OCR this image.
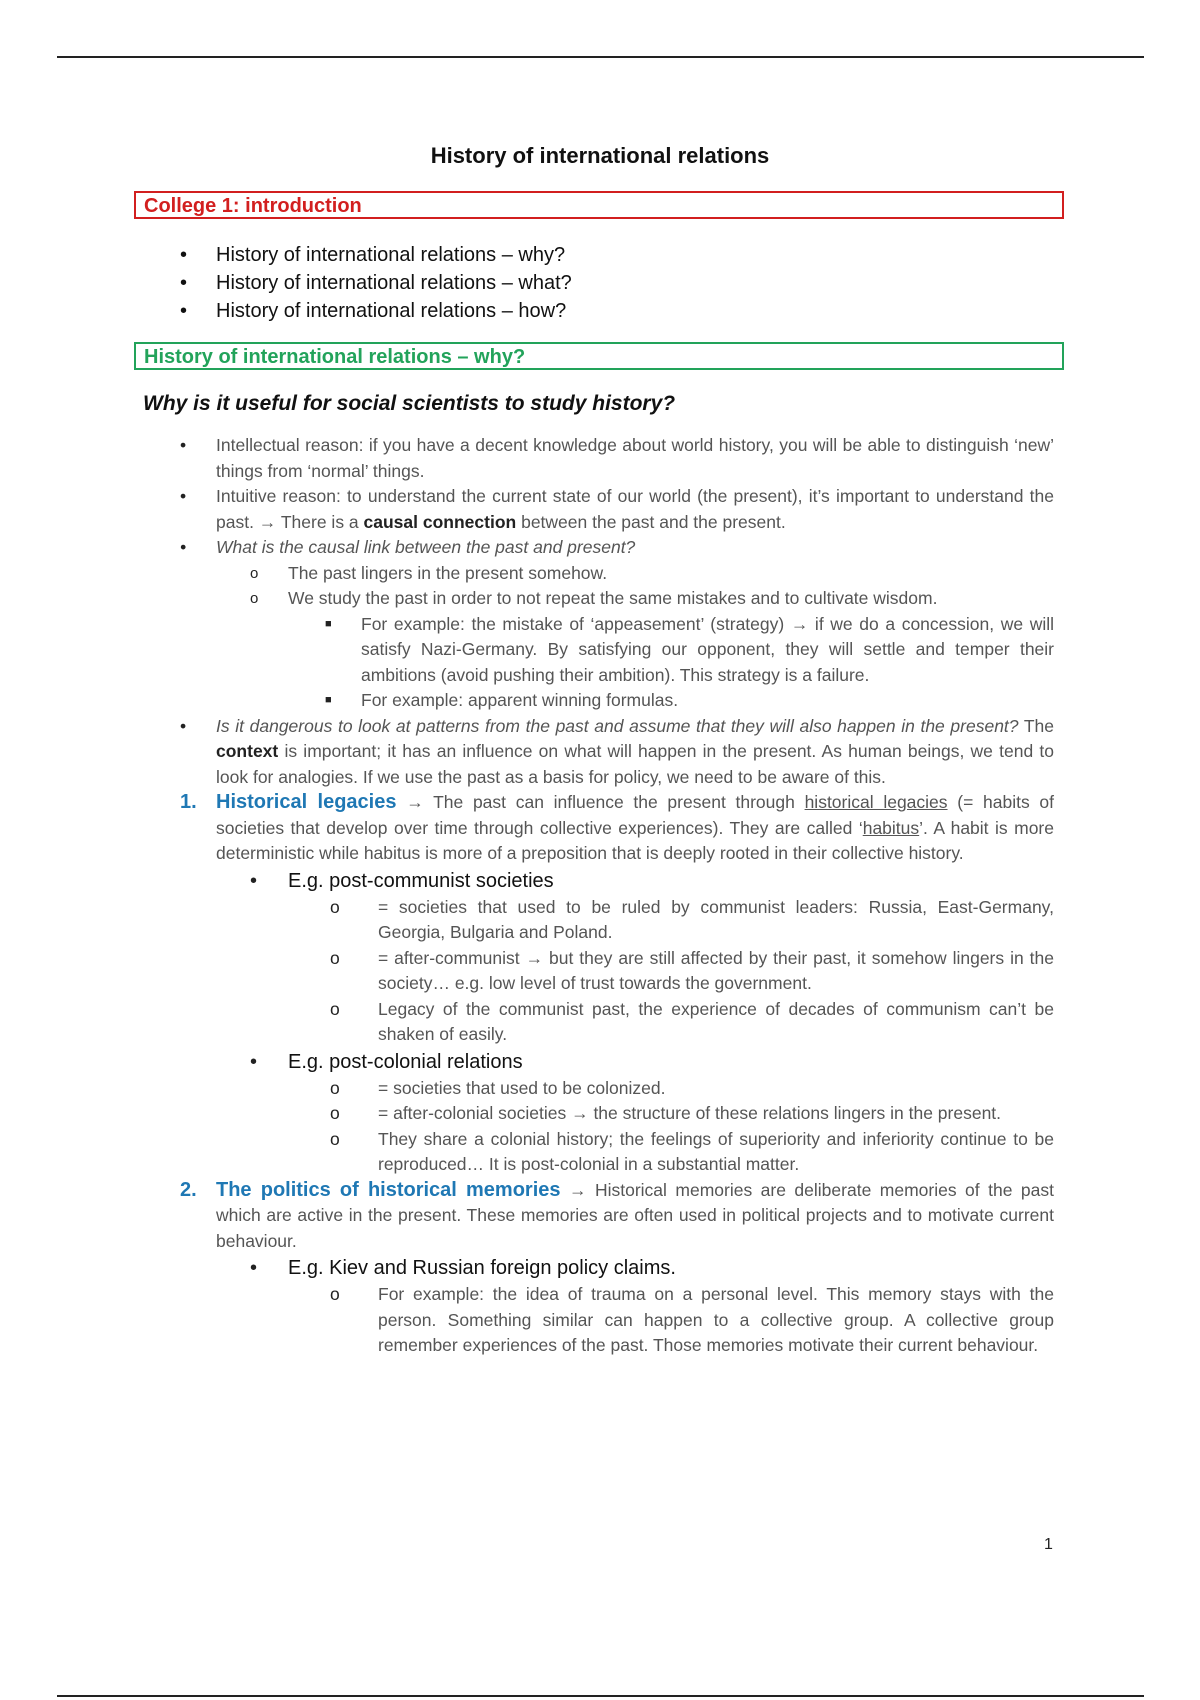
History of international relations
College 1: introduction
• History of international relations – why?
• History of international relations – what?
• History of international relations – how?
History of international relations – why?
Why is it useful for social scientists to study history?
• Intellectual reason: if you have a decent knowledge about world history, you will be able to distinguish ‘new’ things from ‘normal’ things.
• Intuitive reason: to understand the current state of our world (the present), it’s important to understand the past. → There is a causal connection between the past and the present.
• What is the causal link between the past and present?
o The past lingers in the present somehow.
o We study the past in order to not repeat the same mistakes and to cultivate wisdom.
■ For example: the mistake of ‘appeasement’ (strategy) → if we do a concession, we will satisfy Nazi-Germany. By satisfying our opponent, they will settle and temper their ambitions (avoid pushing their ambition). This strategy is a failure.
■ For example: apparent winning formulas.
• Is it dangerous to look at patterns from the past and assume that they will also happen in the present? The context is important; it has an influence on what will happen in the present. As human beings, we tend to look for analogies. If we use the past as a basis for policy, we need to be aware of this.
1. Historical legacies → The past can influence the present through historical legacies (= habits of societies that develop over time through collective experiences). They are called ‘habitus’. A habit is more deterministic while habitus is more of a preposition that is deeply rooted in their collective history.
• E.g. post-communist societies
o = societies that used to be ruled by communist leaders: Russia, East-Germany, Georgia, Bulgaria and Poland.
o = after-communist → but they are still affected by their past, it somehow lingers in the society… e.g. low level of trust towards the government.
o Legacy of the communist past, the experience of decades of communism can’t be shaken of easily.
• E.g. post-colonial relations
o = societies that used to be colonized.
o = after-colonial societies → the structure of these relations lingers in the present.
o They share a colonial history; the feelings of superiority and inferiority continue to be reproduced… It is post-colonial in a substantial matter.
2. The politics of historical memories → Historical memories are deliberate memories of the past which are active in the present. These memories are often used in political projects and to motivate current behaviour.
• E.g. Kiev and Russian foreign policy claims.
o For example: the idea of trauma on a personal level. This memory stays with the person. Something similar can happen to a collective group. A collective group remember experiences of the past. Those memories motivate their current behaviour.
1
